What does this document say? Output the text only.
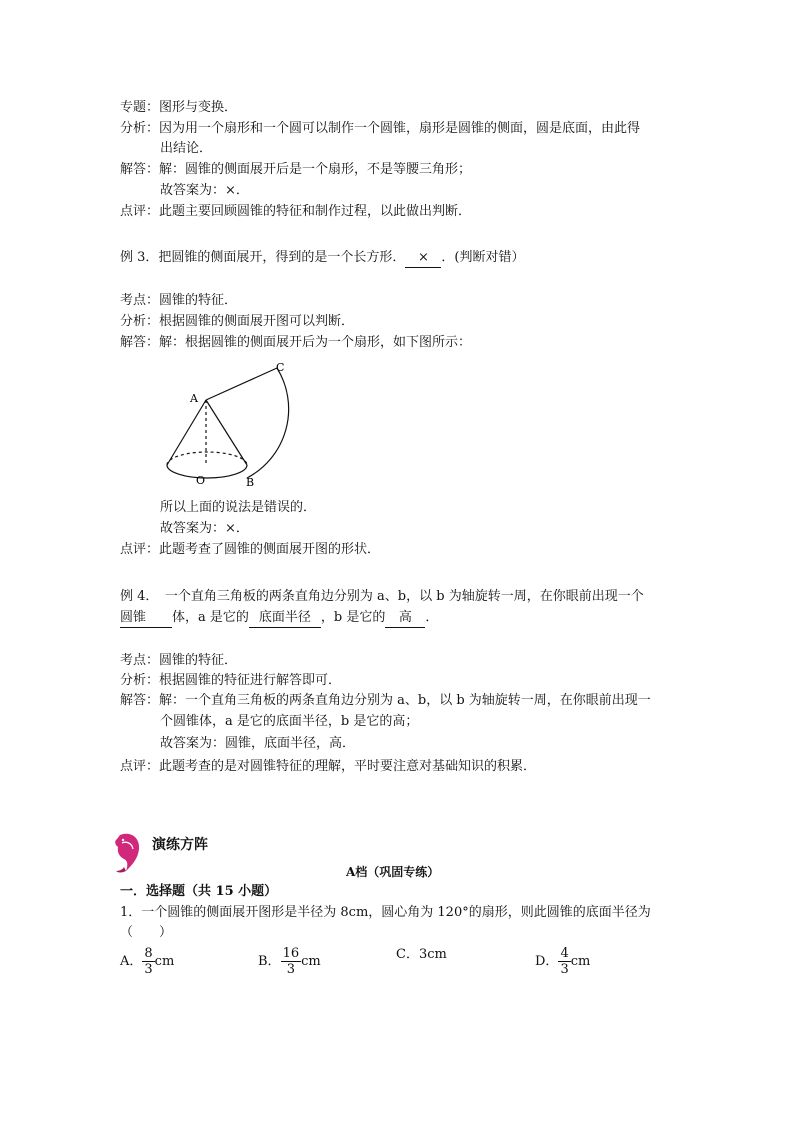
专题：图形与变换．
分析：因为用一个扇形和一个圆可以制作一个圆锥，扇形是圆锥的侧面，圆是底面，由此得
出结论．
解答：解：圆锥的侧面展开后是一个扇形，不是等腰三角形；
故答案为：×．
点评：此题主要回顾圆锥的特征和制作过程，以此做出判断．
例 3．把圆锥的侧面展开，得到的是一个长方形． × ．(判断对错）
考点：圆锥的特征．
分析：根据圆锥的侧面展开图可以判断．
解答：解：根据圆锥的侧面展开后为一个扇形，如下图所示：
A
C
O	B
所以上面的说法是错误的．
故答案为：×．
点评：此题考查了圆锥的侧面展开图的形状．
例 4．　一个直角三角板的两条直角边分别为 a、b，以 b 为轴旋转一周，在你眼前出现一个
圆锥 体，a 是它的 底面半径 ，b 是它的 高 ．
考点：圆锥的特征．
分析：根据圆锥的特征进行解答即可．
解答：解：一个直角三角板的两条直角边分别为 a、b，以 b 为轴旋转一周，在你眼前出现一
个圆锥体，a 是它的底面半径，b 是它的高；
故答案为：圆锥，底面半径，高．
点评：此题考查的是对圆锥特征的理解，平时要注意对基础知识的积累．
演练方阵
A档（巩固专练）
一．选择题（共 15 小题）
1．一个圆锥的侧面展开图形是半径为 8cm，圆心角为 120°的扇形，则此圆锥的底面半径为
（　　）
A． $\frac{8}{3}$ cm	B． $\frac{16}{3}$ cm	C．3cm	D． $\frac{4}{3}$ cm
